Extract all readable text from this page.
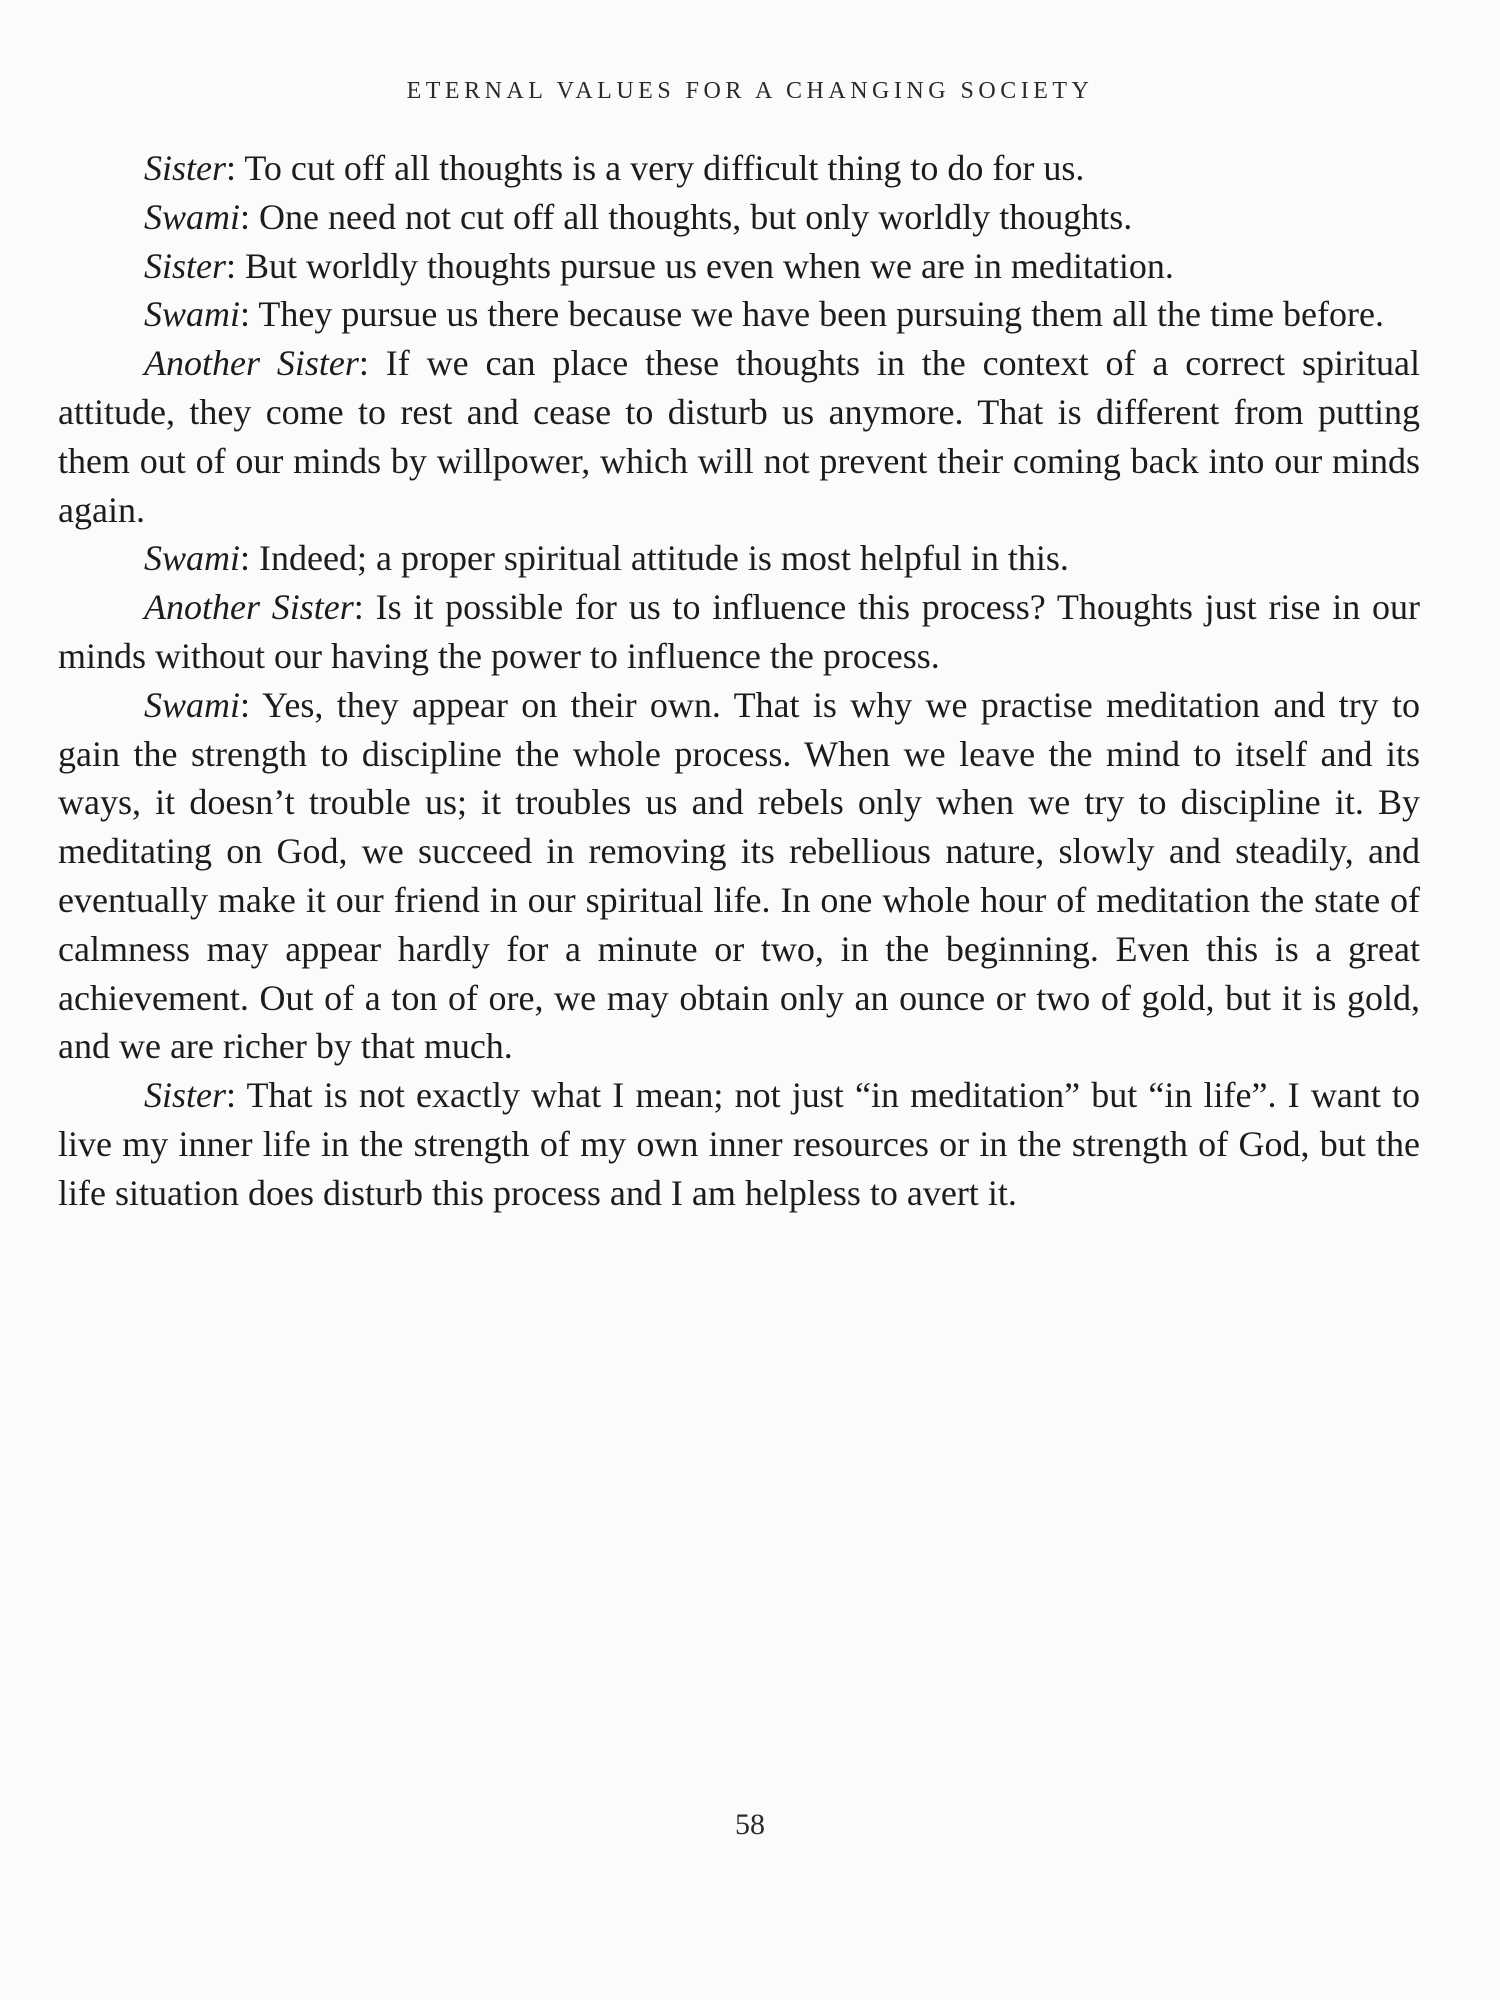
ETERNAL VALUES FOR A CHANGING SOCIETY

Sister: To cut off all thoughts is a very difficult thing to do for us.

Swami: One need not cut off all thoughts, but only worldly thoughts.

Sister: But worldly thoughts pursue us even when we are in meditation.

Swami: They pursue us there because we have been pursuing them all the time before.

Another Sister: If we can place these thoughts in the context of a correct spiritual attitude, they come to rest and cease to disturb us anymore. That is different from putting them out of our minds by willpower, which will not prevent their coming back into our minds again.

Swami: Indeed; a proper spiritual attitude is most helpful in this.

Another Sister: Is it possible for us to influence this process? Thoughts just rise in our minds without our having the power to influence the process.

Swami: Yes, they appear on their own. That is why we practise meditation and try to gain the strength to discipline the whole process. When we leave the mind to itself and its ways, it doesn’t trouble us; it troubles us and rebels only when we try to discipline it. By meditating on God, we succeed in removing its rebellious nature, slowly and steadily, and eventually make it our friend in our spiritual life. In one whole hour of meditation the state of calmness may appear hardly for a minute or two, in the beginning. Even this is a great achievement. Out of a ton of ore, we may obtain only an ounce or two of gold, but it is gold, and we are richer by that much.

Sister: That is not exactly what I mean; not just “in meditation” but “in life”. I want to live my inner life in the strength of my own inner resources or in the strength of God, but the life situation does disturb this process and I am helpless to avert it.

58
